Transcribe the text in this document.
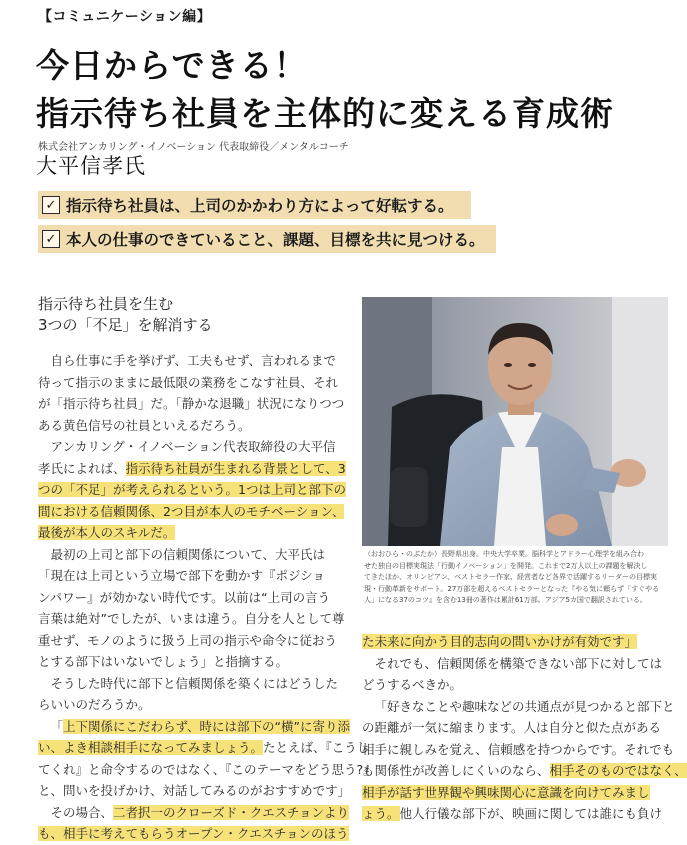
【コミュニケーション編】
今日からできる！
指示待ち社員を主体的に変える育成術
株式会社アンカリング・イノベーション 代表取締役／メンタルコーチ
大平信孝氏
✓ 指示待ち社員は、上司のかかわり方によって好転する。
✓ 本人の仕事のできていること、課題、目標を共に見つける。
指示待ち社員を生む
3つの「不足」を解消する

自ら仕事に手を挙げず、工夫もせず、言われるまで

待って指示のままに最低限の業務をこなす社員、それ

が「指示待ち社員」だ。「静かな退職」状況になりつつ

ある黄色信号の社員といえるだろう。

アンカリング・イノベーション代表取締役の大平信

孝氏によれば、指示待ち社員が生まれる背景として、3

つの「不足」が考えられるという。1つは上司と部下の

間における信頼関係、2つ目が本人のモチベーション、

最後が本人のスキルだ。

最初の上司と部下の信頼関係について、大平氏は

「現在は上司という立場で部下を動かす『ポジショ

ンパワー』が効かない時代です。以前は“上司の言う

言葉は絶対”でしたが、いまは違う。自分を人として尊

重せず、モノのように扱う上司の指示や命令に従おう

とする部下はいないでしょう」と指摘する。

そうした時代に部下と信頼関係を築くにはどうした

らいいのだろうか。

「上下関係にこだわらず、時には部下の“横”に寄り添

い、よき相談相手になってみましょう。たとえば、『こうし

てくれ』と命令するのではなく、『このテーマをどう思う?』

と、問いを投げかけ、対話してみるのがおすすめです」

その場合、二者択一のクローズド・クエスチョンより

も、相手に考えてもらうオープン・クエスチョンのほう

（おおひら・のぶたか）長野県出身。中央大学卒業。脳科学とアドラー心理学を組み合わ

せた独自の目標実現法「行動イノベーション」を開発。これまで2万人以上の課題を解決し

てきたほか、オリンピアン、ベストセラー作家、経営者など各界で活躍するリーダーの目標実

現・行動革新をサポート。27万部を超えるベストセラーとなった『やる気に頼らず「すぐやる

人」になる37のコツ』を含む13冊の著作は累計61万部。アジア5カ国で翻訳されている。

た未来に向かう目的志向の問いかけが有効です」

それでも、信頼関係を構築できない部下に対しては

どうするべきか。

「好きなことや趣味などの共通点が見つかると部下と

の距離が一気に縮まります。人は自分と似た点がある

相手に親しみを覚え、信頼感を持つからです。それでも

も関係性が改善しにくいのなら、相手そのものではなく、

相手が話す世界観や興味関心に意識を向けてみまし

ょう。他人行儀な部下が、映画に関しては誰にも負け
